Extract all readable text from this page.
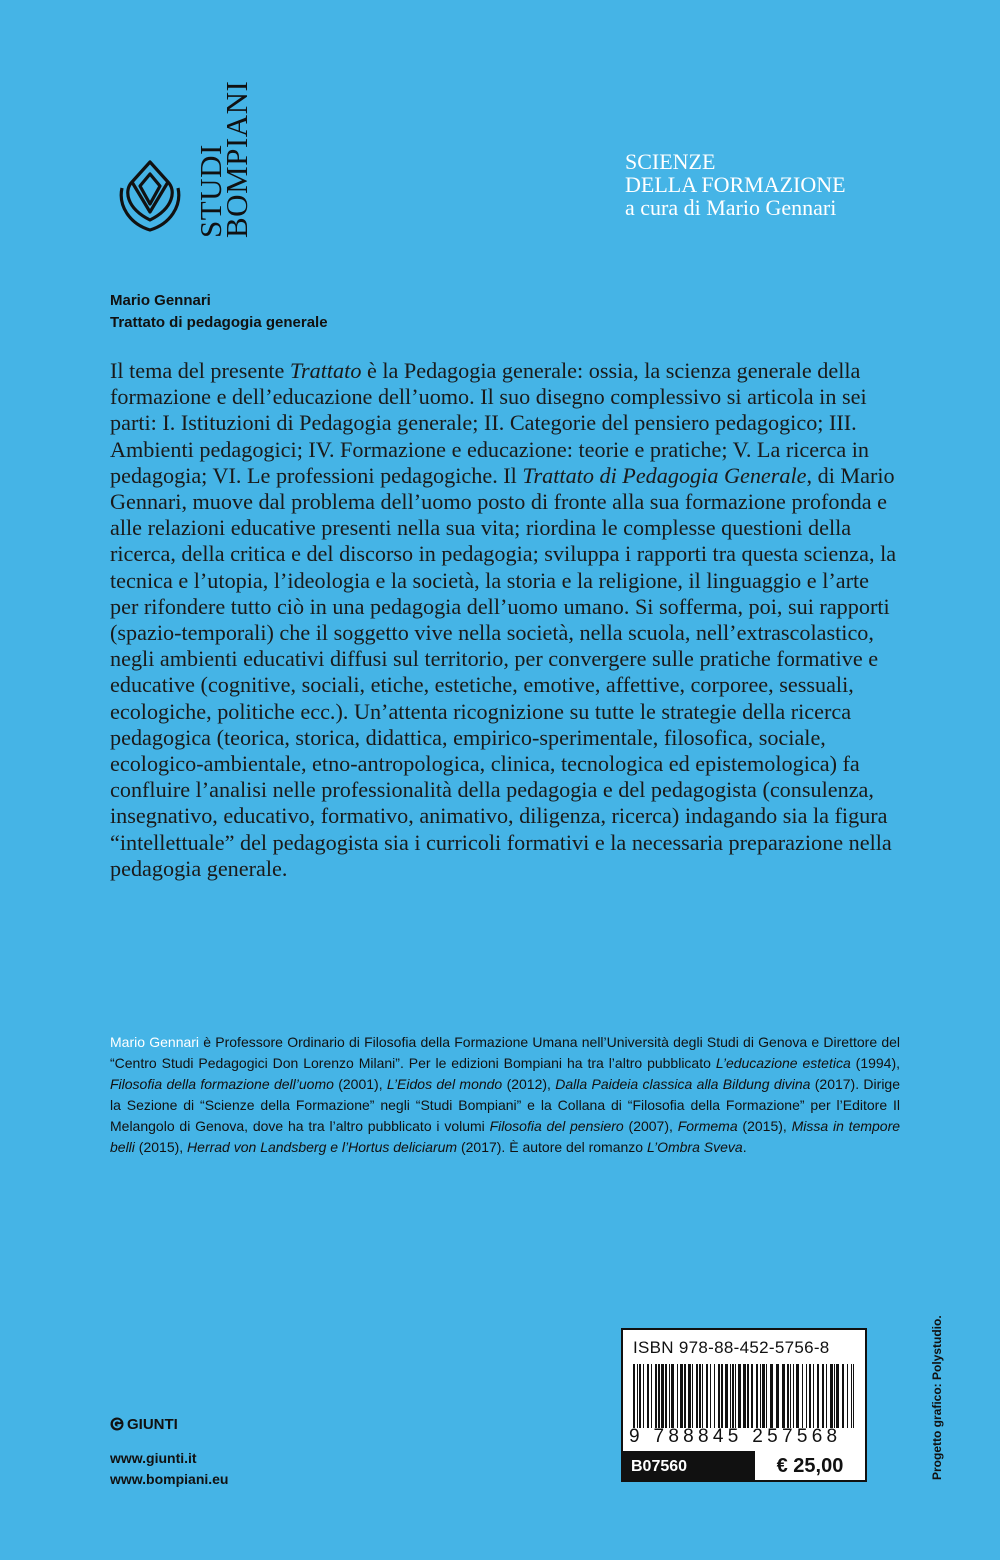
STUDI
BOMPIANI	SCIENZE
DELLA FORMAZIONE
a cura di Mario Gennari
Mario Gennari
Trattato di pedagogia generale

Il tema del presente Trattato è la Pedagogia generale: ossia, la scienza generale della formazione e dell’educazione dell’uomo. Il suo disegno complessivo si articola in sei parti: I. Istituzioni di Pedagogia generale; II. Categorie del pensiero pedagogico; III. Ambienti pedagogici; IV. Formazione e educazione: teorie e pratiche; V. La ricerca in pedagogia; VI. Le professioni pedagogiche. Il Trattato di Pedagogia Generale, di Mario Gennari, muove dal problema dell’uomo posto di fronte alla sua formazione profonda e alle relazioni educative presenti nella sua vita; riordina le complesse questioni della ricerca, della critica e del discorso in pedagogia; sviluppa i rapporti tra questa scienza, la tecnica e l’utopia, l’ideologia e la società, la storia e la religione, il linguaggio e l’arte per rifondere tutto ciò in una pedagogia dell’uomo umano. Si sofferma, poi, sui rapporti (spazio-temporali) che il soggetto vive nella società, nella scuola, nell’extrascolastico, negli ambienti educativi diffusi sul territorio, per convergere sulle pratiche formative e educative (cognitive, sociali, etiche, estetiche, emotive, affettive, corporee, sessuali, ecologiche, politiche ecc.). Un’attenta ricognizione su tutte le strategie della ricerca pedagogica (teorica, storica, didattica, empirico-sperimentale, filosofica, sociale, ecologico-ambientale, etno-antropologica, clinica, tecnologica ed epistemologica) fa confluire l’analisi nelle professionalità della pedagogia e del pedagogista (consulenza, insegnativo, educativo, formativo, animativo, diligenza, ricerca) indagando sia la figura “intellettuale” del pedagogista sia i curricoli formativi e la necessaria preparazione nella pedagogia generale.

Mario Gennari è Professore Ordinario di Filosofia della Formazione Umana nell’Università degli Studi di Genova e Direttore del “Centro Studi Pedagogici Don Lorenzo Milani”. Per le edizioni Bompiani ha tra l’altro pubblicato L’educazione estetica (1994), Filosofia della formazione dell’uomo (2001), L’Eidos del mondo (2012), Dalla Paideia classica alla Bildung divina (2017). Dirige la Sezione di “Scienze della Formazione” negli “Studi Bompiani” e la Collana di “Filosofia della Formazione” per l’Editore Il Melangolo di Genova, dove ha tra l’altro pubblicato i volumi Filosofia del pensiero (2007), Formema (2015), Missa in tempore belli (2015), Herrad von Landsberg e l’Hortus deliciarum (2017). È autore del romanzo L’Ombra Sveva.

GIUNTI
www.giunti.it
www.bompiani.eu
ISBN 978-88-452-5756-8
9 788845 257568
B07560	€ 25,00	Progetto grafico: Polystudio.
